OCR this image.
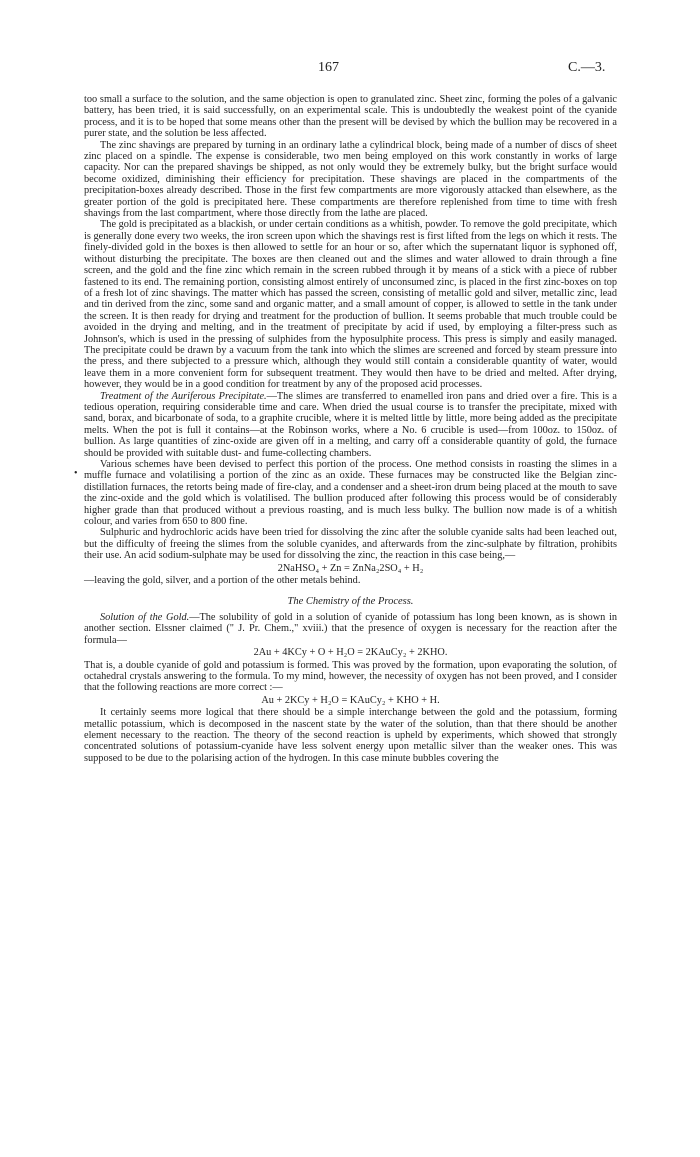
167	C.—3.
•

too small a surface to the solution, and the same objection is open to granulated zinc. Sheet zinc, forming the poles of a galvanic battery, has been tried, it is said successfully, on an experimental scale. This is undoubtedly the weakest point of the cyanide process, and it is to be hoped that some means other than the present will be devised by which the bullion may be recovered in a purer state, and the solution be less affected.

The zinc shavings are prepared by turning in an ordinary lathe a cylindrical block, being made of a number of discs of sheet zinc placed on a spindle. The expense is considerable, two men being employed on this work constantly in works of large capacity. Nor can the prepared shavings be shipped, as not only would they be extremely bulky, but the bright surface would become oxidized, diminishing their efficiency for precipitation. These shavings are placed in the compartments of the precipitation-boxes already described. Those in the first few compartments are more vigorously attacked than elsewhere, as the greater portion of the gold is precipitated here. These compartments are therefore replenished from time to time with fresh shavings from the last compartment, where those directly from the lathe are placed.

The gold is precipitated as a blackish, or under certain conditions as a whitish, powder. To remove the gold precipitate, which is generally done every two weeks, the iron screen upon which the shavings rest is first lifted from the legs on which it rests. The finely-divided gold in the boxes is then allowed to settle for an hour or so, after which the supernatant liquor is syphoned off, without disturbing the precipitate. The boxes are then cleaned out and the slimes and water allowed to drain through a fine screen, and the gold and the fine zinc which remain in the screen rubbed through it by means of a stick with a piece of rubber fastened to its end. The remaining portion, consisting almost entirely of unconsumed zinc, is placed in the first zinc-boxes on top of a fresh lot of zinc shavings. The matter which has passed the screen, consisting of metallic gold and silver, metallic zinc, lead and tin derived from the zinc, some sand and organic matter, and a small amount of copper, is allowed to settle in the tank under the screen. It is then ready for drying and treatment for the production of bullion. It seems probable that much trouble could be avoided in the drying and melting, and in the treatment of precipitate by acid if used, by employing a filter-press such as Johnson's, which is used in the pressing of sulphides from the hyposulphite process. This press is simply and easily managed. The precipitate could be drawn by a vacuum from the tank into which the slimes are screened and forced by steam pressure into the press, and there subjected to a pressure which, although they would still contain a considerable quantity of water, would leave them in a more convenient form for subsequent treatment. They would then have to be dried and melted. After drying, however, they would be in a good condition for treatment by any of the proposed acid processes.

Treatment of the Auriferous Precipitate.—The slimes are transferred to enamelled iron pans and dried over a fire. This is a tedious operation, requiring considerable time and care. When dried the usual course is to transfer the precipitate, mixed with sand, borax, and bicarbonate of soda, to a graphite crucible, where it is melted little by little, more being added as the precipitate melts. When the pot is full it contains—at the Robinson works, where a No. 6 crucible is used—from 100oz. to 150oz. of bullion. As large quantities of zinc-oxide are given off in a melting, and carry off a considerable quantity of gold, the furnace should be provided with suitable dust- and fume-collecting chambers.

Various schemes have been devised to perfect this portion of the process. One method consists in roasting the slimes in a muffle furnace and volatilising a portion of the zinc as an oxide. These furnaces may be constructed like the Belgian zinc-distillation furnaces, the retorts being made of fire-clay, and a condenser and a sheet-iron drum being placed at the mouth to save the zinc-oxide and the gold which is volatilised. The bullion produced after following this process would be of considerably higher grade than that produced without a previous roasting, and is much less bulky. The bullion now made is of a whitish colour, and varies from 650 to 800 fine.

Sulphuric and hydrochloric acids have been tried for dissolving the zinc after the soluble cyanide salts had been leached out, but the difficulty of freeing the slimes from the soluble cyanides, and afterwards from the zinc-sulphate by filtration, prohibits their use. An acid sodium-sulphate may be used for dissolving the zinc, the reaction in this case being,—

2NaHSO₄ + Zn = ZnNa₂2SO₄ + H₂

—leaving the gold, silver, and a portion of the other metals behind.

The Chemistry of the Process.

Solution of the Gold.—The solubility of gold in a solution of cyanide of potassium has long been known, as is shown in another section. Elssner claimed (" J. Pr. Chem.," xviii.) that the presence of oxygen is necessary for the reaction after the formula—

2Au + 4KCy + O + H₂O = 2KAuCy₂ + 2KHO.

That is, a double cyanide of gold and potassium is formed. This was proved by the formation, upon evaporating the solution, of octahedral crystals answering to the formula. To my mind, however, the necessity of oxygen has not been proved, and I consider that the following reactions are more correct :—

Au + 2KCy + H₂O = KAuCy₂ + KHO + H.

It certainly seems more logical that there should be a simple interchange between the gold and the potassium, forming metallic potassium, which is decomposed in the nascent state by the water of the solution, than that there should be another element necessary to the reaction. The theory of the second reaction is upheld by experiments, which showed that strongly concentrated solutions of potassium-cyanide have less solvent energy upon metallic silver than the weaker ones. This was supposed to be due to the polarising action of the hydrogen. In this case minute bubbles covering the
